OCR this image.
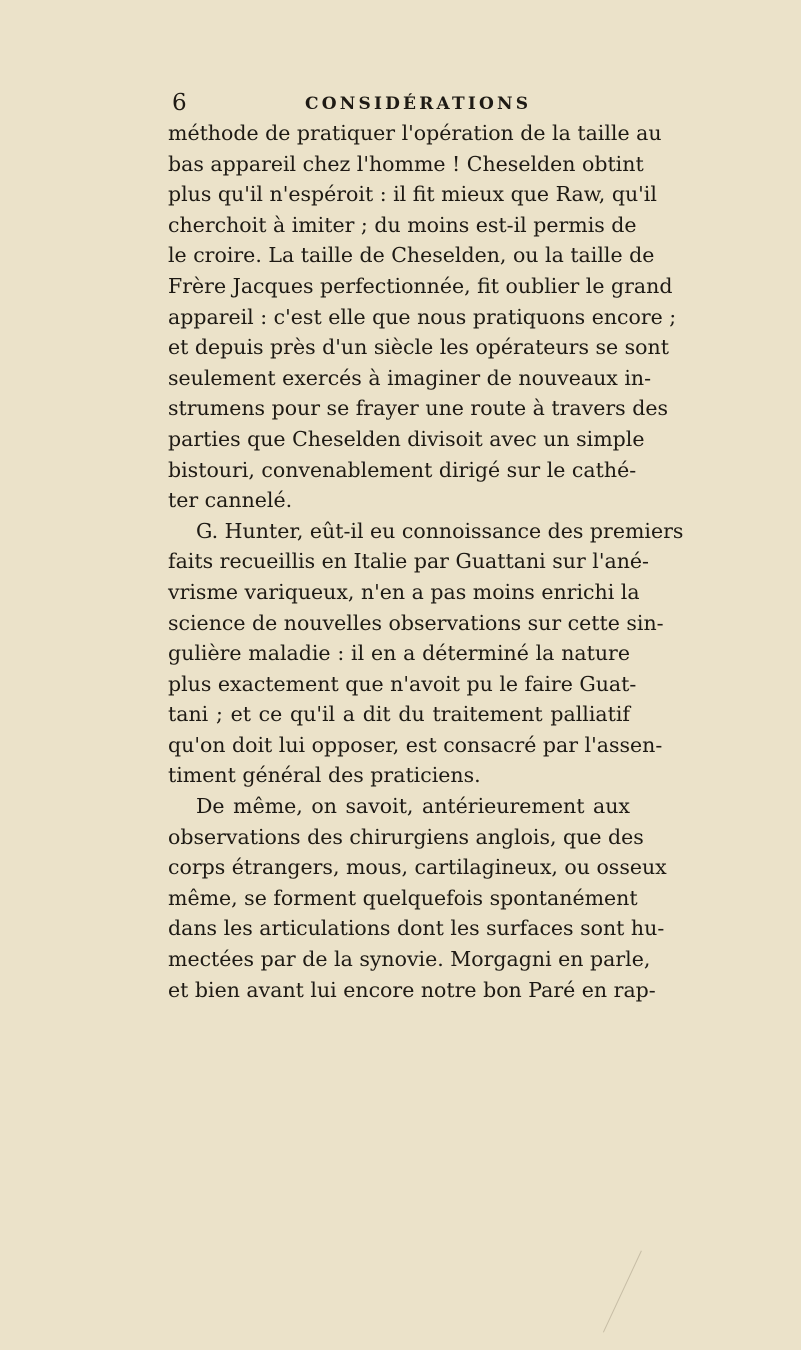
6	CONSIDÉRATIONS
méthode de pratiquer l'opération de la taille au
bas appareil chez l'homme ! Cheselden obtint
plus qu'il n'espéroit : il fit mieux que Raw, qu'il
cherchoit à imiter ; du moins est-il permis de
le croire. La taille de Cheselden, ou la taille de
Frère Jacques perfectionnée, fit oublier le grand
appareil : c'est elle que nous pratiquons encore ;
et depuis près d'un siècle les opérateurs se sont
seulement exercés à imaginer de nouveaux in-
strumens pour se frayer une route à travers des
parties que Cheselden divisoit avec un simple
bistouri, convenablement dirigé sur le cathé-
ter cannelé.
G. Hunter, eût-il eu connoissance des premiers
faits recueillis en Italie par Guattani sur l'ané-
vrisme variqueux, n'en a pas moins enrichi la
science de nouvelles observations sur cette sin-
gulière maladie : il en a déterminé la nature
plus exactement que n'avoit pu le faire Guat-
tani ; et ce qu'il a dit du traitement palliatif
qu'on doit lui opposer, est consacré par l'assen-
timent général des praticiens.
De même, on savoit, antérieurement aux
observations des chirurgiens anglois, que des
corps étrangers, mous, cartilagineux, ou osseux
même, se forment quelquefois spontanément
dans les articulations dont les surfaces sont hu-
mectées par de la synovie. Morgagni en parle,
et bien avant lui encore notre bon Paré en rap-
